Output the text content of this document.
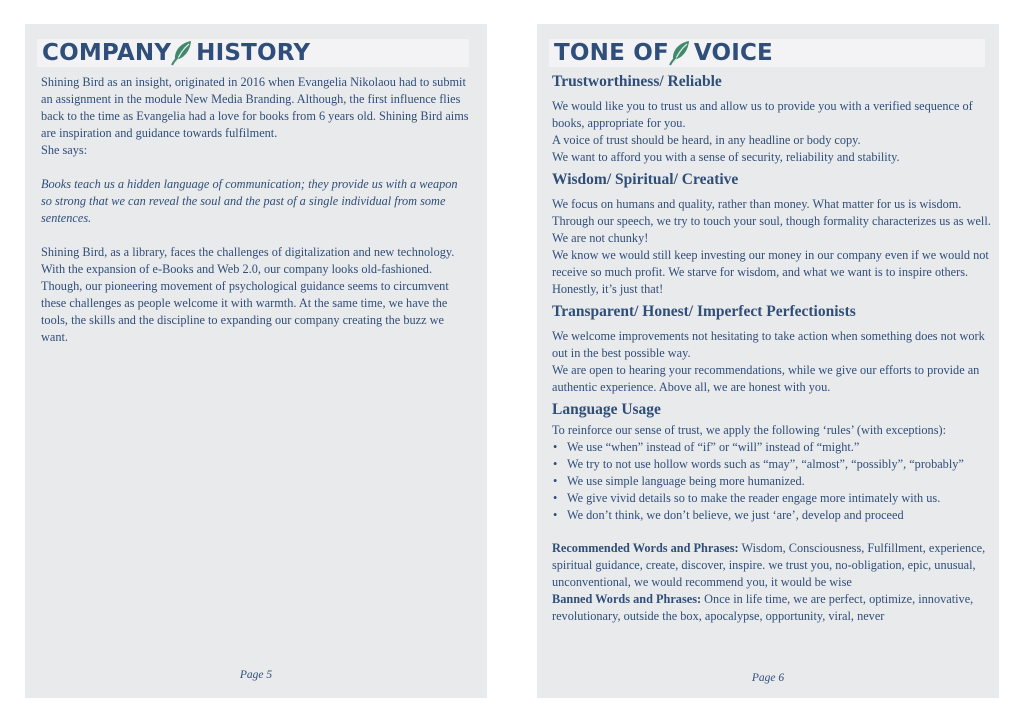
COMPANY HISTORY

Shining Bird as an insight, originated in 2016 when Evangelia Nikolaou had to submit an assignment in the module New Media Branding. Although, the first influence flies back to the time as Evangelia had a love for books from 6 years old. Shining Bird aims are inspiration and guidance towards fulfilment.

She says:

Books teach us a hidden language of communication; they provide us with a weapon so strong that we can reveal the soul and the past of a single individual from some sentences.

Shining Bird, as a library, faces the challenges of digitalization and new technology. With the expansion of e-Books and Web 2.0, our company looks old-fashioned. Though, our pioneering movement of psychological guidance seems to circumvent these challenges as people welcome it with warmth. At the same time, we have the tools, the skills and the discipline to expanding our company creating the buzz we want.

Page 5
TONE OF VOICE
Trustworthiness/ Reliable

We would like you to trust us and allow us to provide you with a verified sequence of books, appropriate for you.

A voice of trust should be heard, in any headline or body copy.

We want to afford you with a sense of security, reliability and stability.

Wisdom/ Spiritual/ Creative

We focus on humans and quality, rather than money. What matter for us is wisdom. Through our speech, we try to touch your soul, though formality characterizes us as well. We are not chunky!

We know we would still keep investing our money in our company even if we would not receive so much profit. We starve for wisdom, and what we want is to inspire others. Honestly, it’s just that!

Transparent/ Honest/ Imperfect Perfectionists

We welcome improvements not hesitating to take action when something does not work out in the best possible way.

We are open to hearing your recommendations, while we give our efforts to provide an authentic experience. Above all, we are honest with you.

Language Usage

To reinforce our sense of trust, we apply the following ‘rules’ (with exceptions):

• We use “when” instead of “if” or “will” instead of “might.”
• We try to not use hollow words such as “may”, “almost”, “possibly”, “probably”
• We use simple language being more humanized.
• We give vivid details so to make the reader engage more intimately with us.
• We don’t think, we don’t believe, we just ‘are’, develop and proceed

Recommended Words and Phrases: Wisdom, Consciousness, Fulfillment, experience, spiritual guidance, create, discover, inspire. we trust you, no-obligation, epic, unusual, unconventional, we would recommend you, it would be wise

Banned Words and Phrases: Once in life time, we are perfect, optimize, innovative, revolutionary, outside the box, apocalypse, opportunity, viral, never

Page 6
